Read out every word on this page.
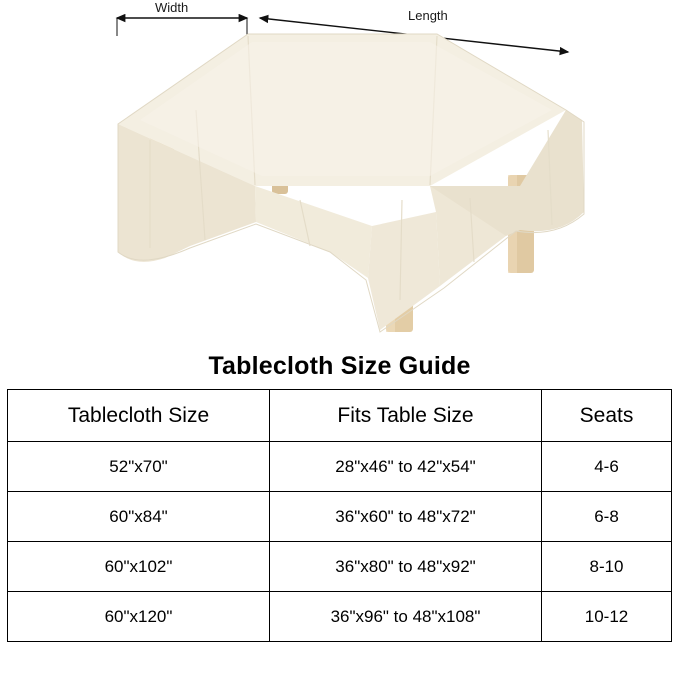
Width
Length
Tablecloth Size Guide
Tablecloth Size	Fits Table Size	Seats
52"x70"	28"x46" to 42"x54"	4-6
60"x84"	36"x60" to 48"x72"	6-8
60"x102"	36"x80" to 48"x92"	8-10
60"x120"	36"x96" to 48"x108"	10-12
